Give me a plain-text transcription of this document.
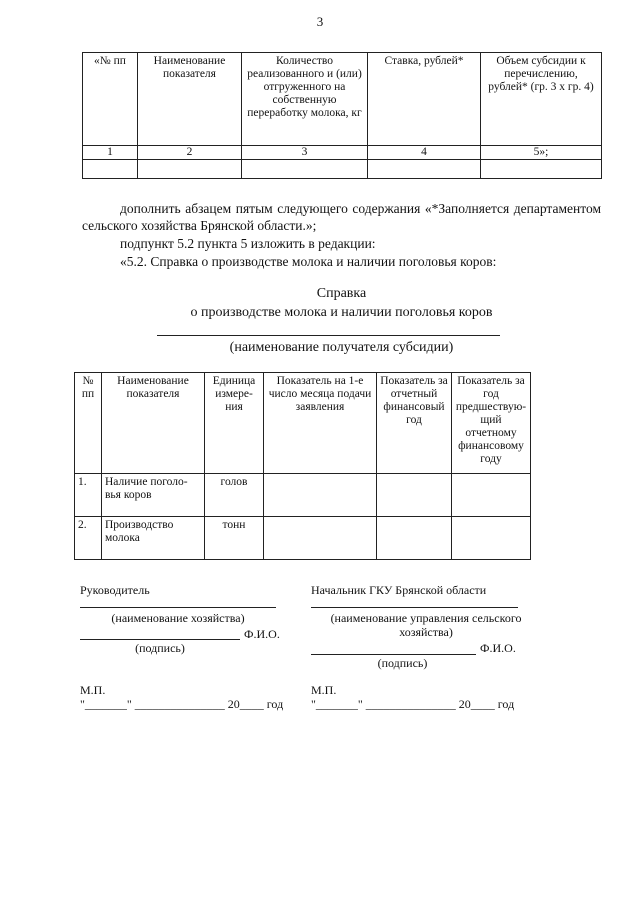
3
«№ пп	Наименование показателя	Количество реализованного и (или) отгруженного на собственную переработку молока, кг	Ставка, рублей*	Объем субсидии к перечислению, рублей* (гр. 3 х гр. 4)
1	2	3	4	5»;

дополнить абзацем пятым следующего содержания «*Заполняется департаментом сельского хозяйства Брянской области.»;
подпункт 5.2 пункта 5 изложить в редакции:
«5.2. Справка о производстве молока и наличии поголовья коров:
Справка
о производстве молока и наличии поголовья коров
(наименование получателя субсидии)
№ пп	Наименование показателя	Единица измере-ния	Показатель на 1-е число месяца подачи заявления	Показатель за отчетный финансовый год	Показатель за год предшествую-щий отчетному финансовому году
1.	Наличие поголо-вья коров	голов			
2.	Производство молока	тонн			
Руководитель
(наименование хозяйства)
Ф.И.О.
(подпись)
М.П.
"_______" _______________ 20____ год
Начальник ГКУ Брянской области
(наименование управления сельского хозяйства)
Ф.И.О.
(подпись)
М.П.
"_______" _______________ 20____ год
